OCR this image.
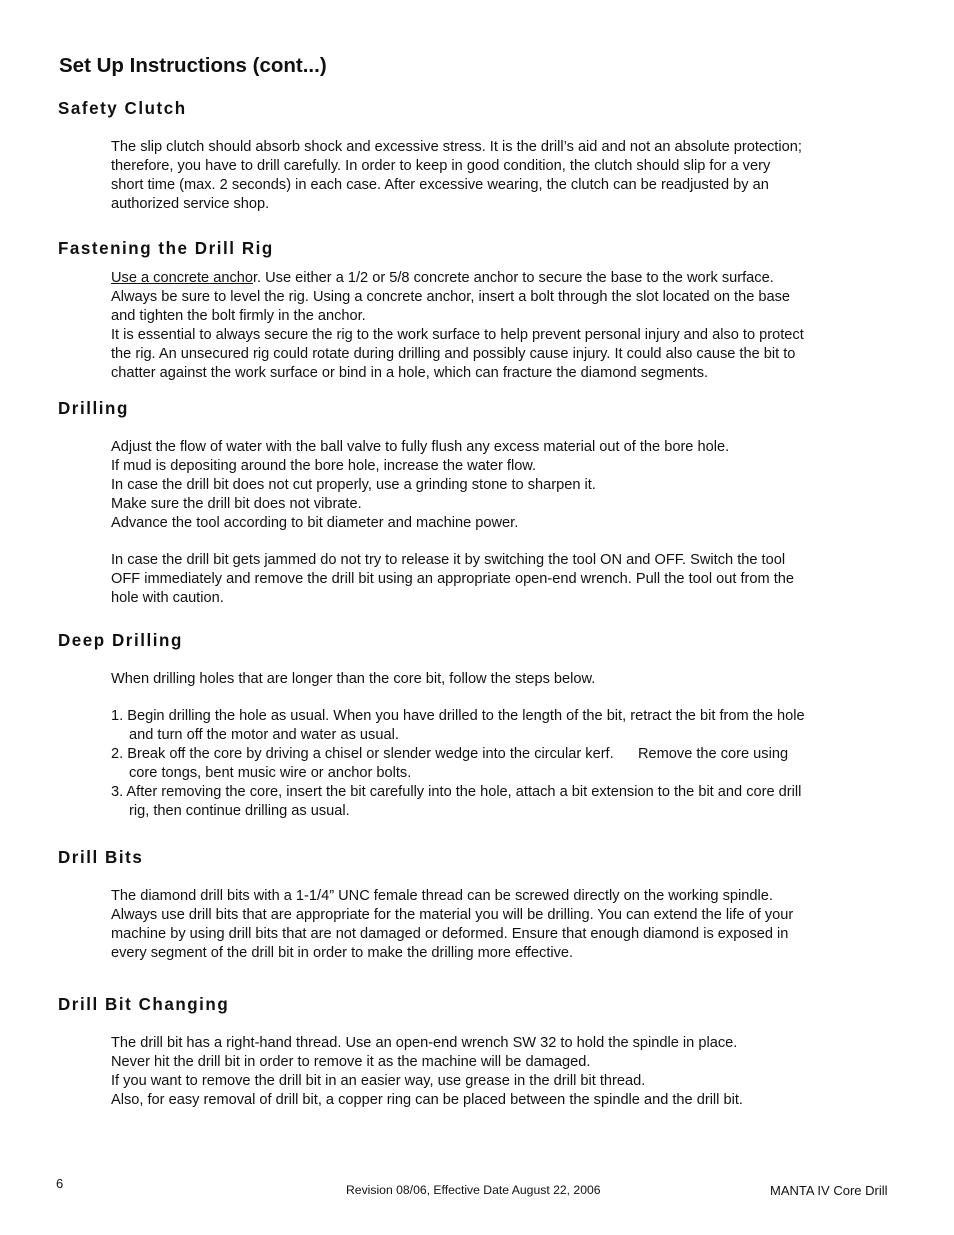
Set Up Instructions (cont...)
Safety Clutch
The slip clutch should absorb shock and excessive stress. It is the drill’s aid and not an absolute protection;
therefore, you have to drill carefully. In order to keep in good condition, the clutch should slip for a very
short time (max. 2 seconds) in each case. After excessive wearing, the clutch can be readjusted by an
authorized service shop.
Fastening the Drill Rig
Use a concrete anchor. Use either a 1/2 or 5/8 concrete anchor to secure the base to the work surface.
Always be sure to level the rig. Using a concrete anchor, insert a bolt through the slot located on the base
and tighten the bolt firmly in the anchor.
It is essential to always secure the rig to the work surface to help prevent personal injury and also to protect
the rig. An unsecured rig could rotate during drilling and possibly cause injury. It could also cause the bit to
chatter against the work surface or bind in a hole, which can fracture the diamond segments.
Drilling
Adjust the flow of water with the ball valve to fully flush any excess material out of the bore hole.
If mud is depositing around the bore hole, increase the water flow.
In case the drill bit does not cut properly, use a grinding stone to sharpen it.
Make sure the drill bit does not vibrate.
Advance the tool according to bit diameter and machine power.
In case the drill bit gets jammed do not try to release it by switching the tool ON and OFF. Switch the tool
OFF immediately and remove the drill bit using an appropriate open-end wrench. Pull the tool out from the
hole with caution.
Deep Drilling
When drilling holes that are longer than the core bit, follow the steps below.
1. Begin drilling the hole as usual. When you have drilled to the length of the bit, retract the bit from the hole
and turn off the motor and water as usual.
2. Break off the core by driving a chisel or slender wedge into the circular kerf.      Remove the core using
core tongs, bent music wire or anchor bolts.
3. After removing the core, insert the bit carefully into the hole, attach a bit extension to the bit and core drill
rig, then continue drilling as usual.
Drill Bits
The diamond drill bits with a 1-1/4” UNC female thread can be screwed directly on the working spindle.
Always use drill bits that are appropriate for the material you will be drilling. You can extend the life of your
machine by using drill bits that are not damaged or deformed. Ensure that enough diamond is exposed in
every segment of the drill bit in order to make the drilling more effective.
Drill Bit Changing
The drill bit has a right-hand thread. Use an open-end wrench SW 32 to hold the spindle in place.
Never hit the drill bit in order to remove it as the machine will be damaged.
If you want to remove the drill bit in an easier way, use grease in the drill bit thread.
Also, for easy removal of drill bit, a copper ring can be placed between the spindle and the drill bit.
6	Revision 08/06, Effective Date August 22, 2006	MANTA IV Core Drill
